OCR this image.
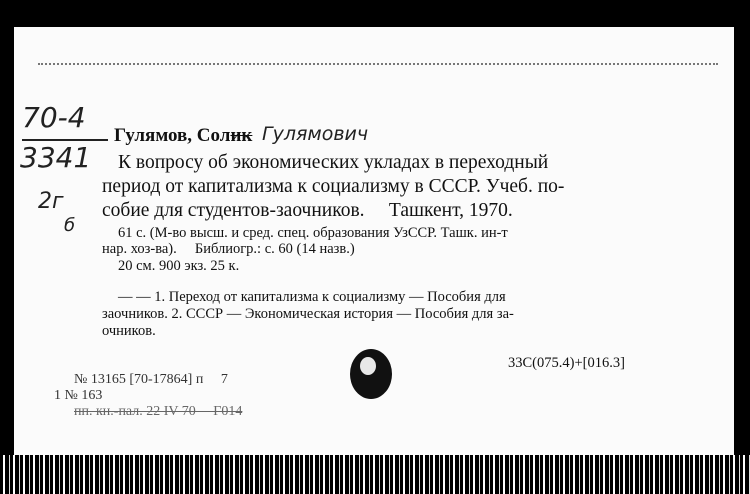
70-4
3341
2г
б
Гулямов, Солик Гулямович
К вопросу об экономических укладах в переходный
период от капитализма к социализму в СССР. Учеб. по-
собие для студентов-заочников.     Ташкент, 1970.
61 с. (М-во высш. и сред. спец. образования УзССР. Ташк. ин-т
нар. хоз-ва).     Библиогр.: с. 60 (14 назв.)
20 см. 900 экз. 25 к.
— — 1. Переход от капитализма к социализму — Пособия для
заочников. 2. СССР — Экономическая история — Пособия для за-
очников.
33С(075.4)+[016.3]
№ 13165 [70-17864] п     7
1 № 163
пп. кн.-пал. 22 IV 70     Г014
